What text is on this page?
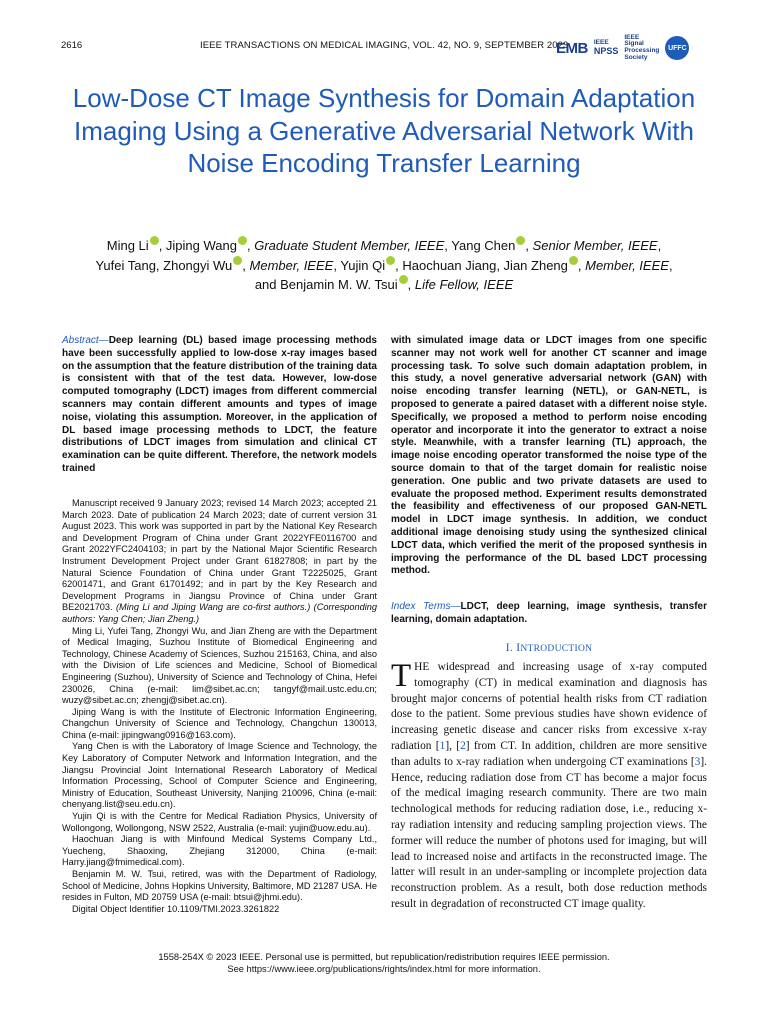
2616	IEEE TRANSACTIONS ON MEDICAL IMAGING, VOL. 42, NO. 9, SEPTEMBER 2023
EMB IEEE
NPSS
IEEE
Signal
Processing
Society
UFFC
Low-Dose CT Image Synthesis for Domain Adaptation Imaging Using a Generative Adversarial Network With Noise Encoding Transfer Learning
Ming Li , Jiping Wang , Graduate Student Member, IEEE, Yang Chen , Senior Member, IEEE,
Yufei Tang, Zhongyi Wu , Member, IEEE, Yujin Qi , Haochuan Jiang, Jian Zheng , Member, IEEE,
and Benjamin M. W. Tsui , Life Fellow, IEEE
Abstract—Deep learning (DL) based image processing methods have been successfully applied to low-dose x-ray images based on the assumption that the feature distribution of the training data is consistent with that of the test data. However, low-dose computed tomography (LDCT) images from different commercial scanners may contain different amounts and types of image noise, violating this assumption. Moreover, in the application of DL based image processing methods to LDCT, the feature distributions of LDCT images from simulation and clinical CT examination can be quite different. Therefore, the network models trained

Manuscript received 9 January 2023; revised 14 March 2023; accepted 21 March 2023. Date of publication 24 March 2023; date of current version 31 August 2023. This work was supported in part by the National Key Research and Development Program of China under Grant 2022YFE0116700 and Grant 2022YFC2404103; in part by the National Major Scientific Research Instrument Development Project under Grant 61827808; in part by the Natural Science Foundation of China under Grant T2225025, Grant 62001471, and Grant 61701492; and in part by the Key Research and Development Programs in Jiangsu Province of China under Grant BE2021703. (Ming Li and Jiping Wang are co-first authors.) (Corresponding authors: Yang Chen; Jian Zheng.)

Ming Li, Yufei Tang, Zhongyi Wu, and Jian Zheng are with the Department of Medical Imaging, Suzhou Institute of Biomedical Engineering and Technology, Chinese Academy of Sciences, Suzhou 215163, China, and also with the Division of Life sciences and Medicine, School of Biomedical Engineering (Suzhou), University of Science and Technology of China, Hefei 230026, China (e-mail: lim@sibet.ac.cn; tangyf@mail.ustc.edu.cn; wuzy@sibet.ac.cn; zhengj@sibet.ac.cn).

Jiping Wang is with the Institute of Electronic Information Engineering, Changchun University of Science and Technology, Changchun 130013, China (e-mail: jipingwang0916@163.com).

Yang Chen is with the Laboratory of Image Science and Technology, the Key Laboratory of Computer Network and Information Integration, and the Jiangsu Provincial Joint International Research Laboratory of Medical Information Processing, School of Computer Science and Engineering, Ministry of Education, Southeast University, Nanjing 210096, China (e-mail: chenyang.list@seu.edu.cn).

Yujin Qi is with the Centre for Medical Radiation Physics, University of Wollongong, Wollongong, NSW 2522, Australia (e-mail: yujin@uow.edu.au).

Haochuan Jiang is with Minfound Medical Systems Company Ltd., Yuecheng, Shaoxing, Zhejiang 312000, China (e-mail: Harry.jiang@fmimedical.com).

Benjamin M. W. Tsui, retired, was with the Department of Radiology, School of Medicine, Johns Hopkins University, Baltimore, MD 21287 USA. He resides in Fulton, MD 20759 USA (e-mail: btsui@jhmi.edu).

Digital Object Identifier 10.1109/TMI.2023.3261822

with simulated image data or LDCT images from one specific scanner may not work well for another CT scanner and image processing task. To solve such domain adaptation problem, in this study, a novel generative adversarial network (GAN) with noise encoding transfer learning (NETL), or GAN-NETL, is proposed to generate a paired dataset with a different noise style. Specifically, we proposed a method to perform noise encoding operator and incorporate it into the generator to extract a noise style. Meanwhile, with a transfer learning (TL) approach, the image noise encoding operator transformed the noise type of the source domain to that of the target domain for realistic noise generation. One public and two private datasets are used to evaluate the proposed method. Experiment results demonstrated the feasibility and effectiveness of our proposed GAN-NETL model in LDCT image synthesis. In addition, we conduct additional image denoising study using the synthesized clinical LDCT data, which verified the merit of the proposed synthesis in improving the performance of the DL based LDCT processing method.
Index Terms—LDCT, deep learning, image synthesis, transfer learning, domain adaptation.
I. INTRODUCTION
THE widespread and increasing usage of x-ray computed tomography (CT) in medical examination and diagnosis has brought major concerns of potential health risks from CT radiation dose to the patient. Some previous studies have shown evidence of increasing genetic disease and cancer risks from excessive x-ray radiation [1], [2] from CT. In addition, children are more sensitive than adults to x-ray radiation when undergoing CT examinations [3]. Hence, reducing radiation dose from CT has become a major focus of the medical imaging research community. There are two main technological methods for reducing radiation dose, i.e., reducing x-ray radiation intensity and reducing sampling projection views. The former will reduce the number of photons used for imaging, but will lead to increased noise and artifacts in the reconstructed image. The latter will result in an under-sampling or incomplete projection data reconstruction problem. As a result, both dose reduction methods result in degradation of reconstructed CT image quality.
1558-254X © 2023 IEEE. Personal use is permitted, but republication/redistribution requires IEEE permission.
See https://www.ieee.org/publications/rights/index.html for more information.
